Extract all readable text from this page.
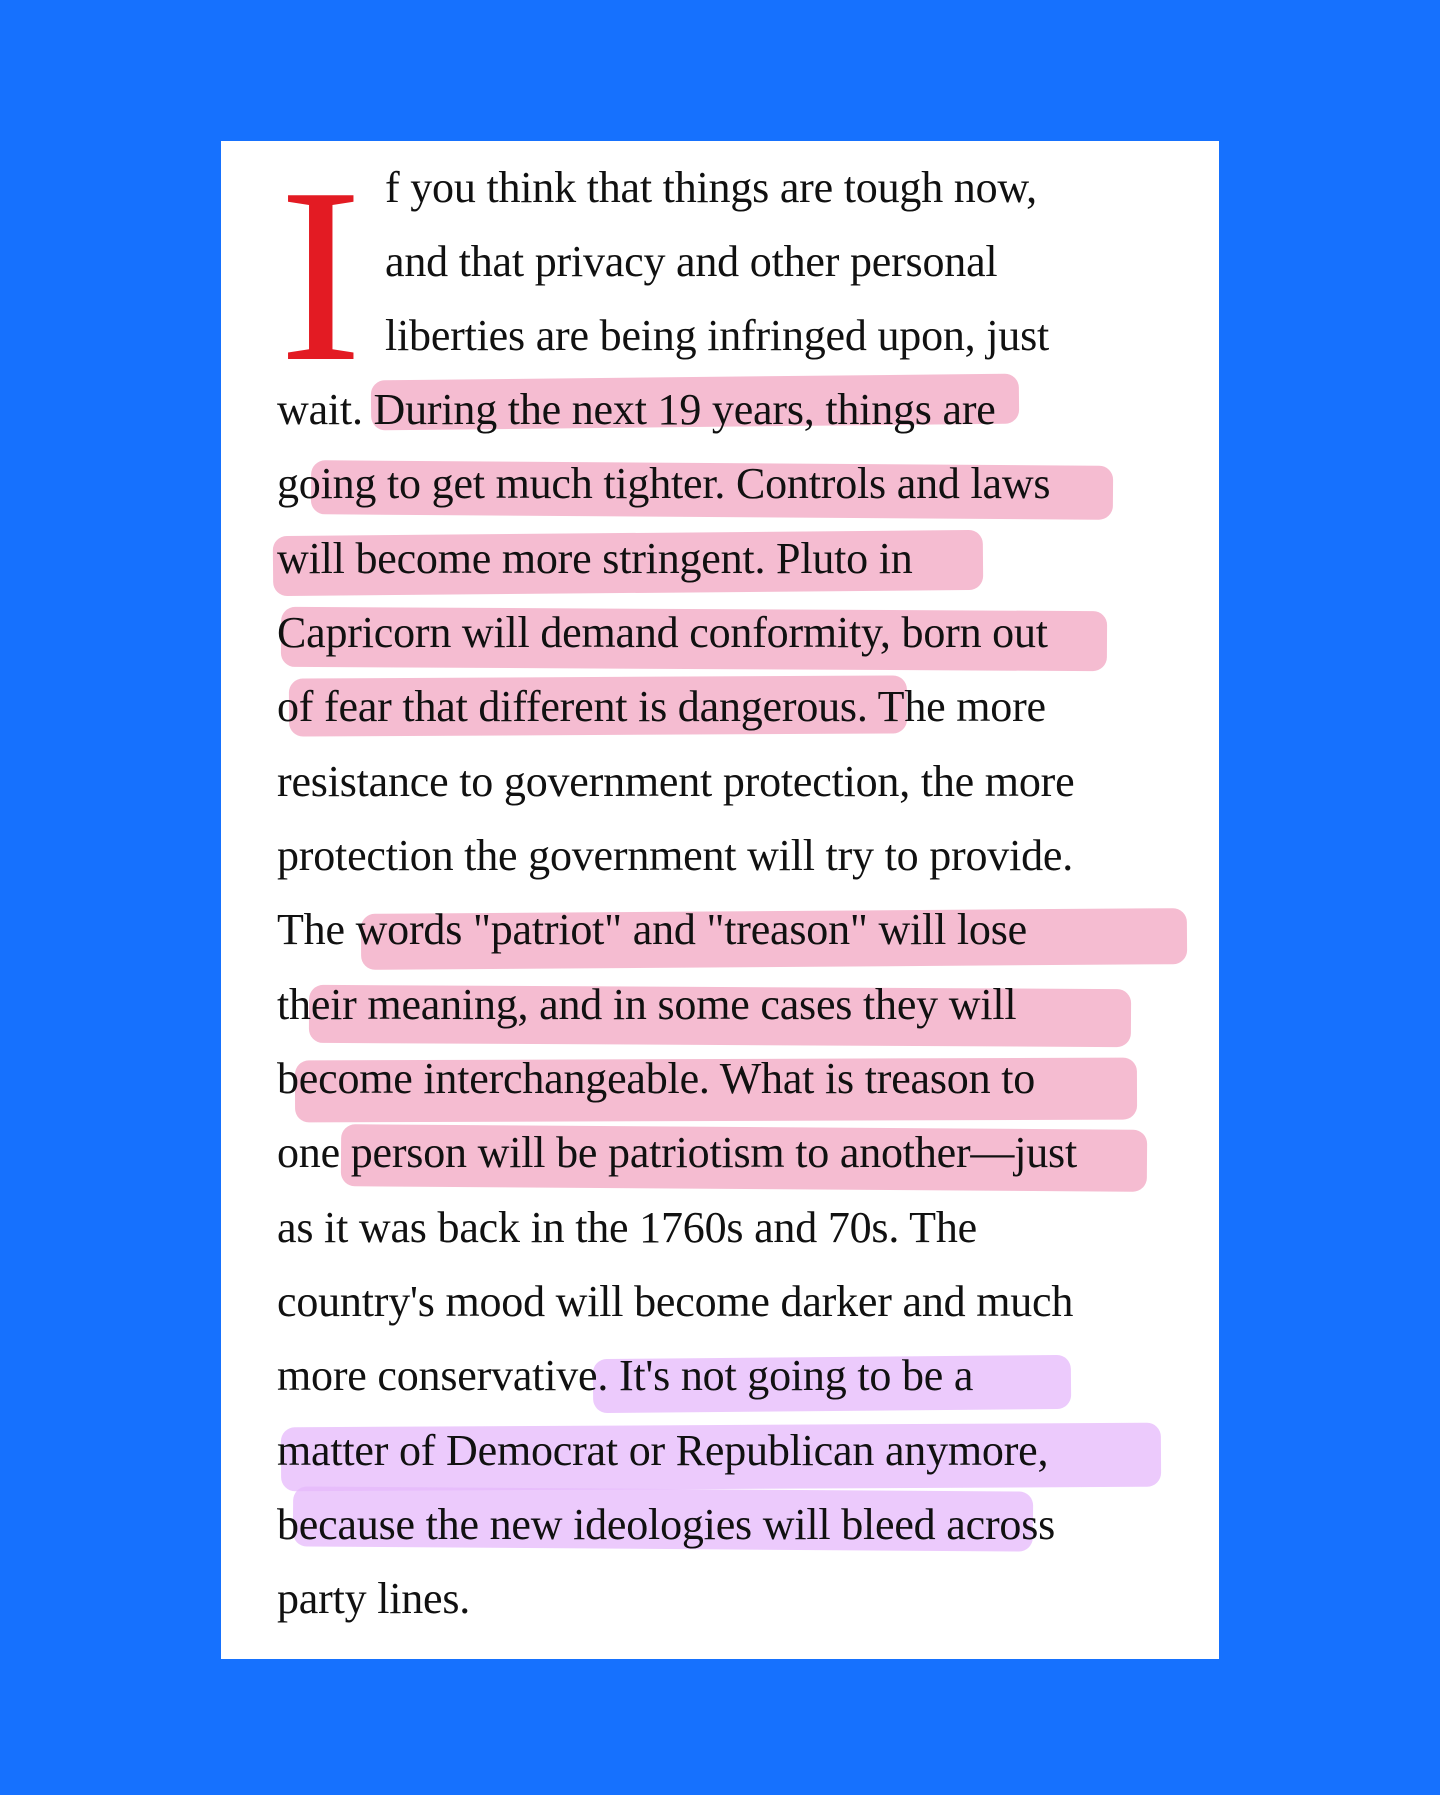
I f you think that things are tough now,
and that privacy and other personal
liberties are being infringed upon, just
wait. During the next 19 years, things are
going to get much tighter. Controls and laws
will become more stringent. Pluto in
Capricorn will demand conformity, born out
of fear that different is dangerous. The more
resistance to government protection, the more
protection the government will try to provide.
The words "patriot" and "treason" will lose
their meaning, and in some cases they will
become interchangeable. What is treason to
one person will be patriotism to another—just
as it was back in the 1760s and 70s. The
country's mood will become darker and much
more conservative. It's not going to be a
matter of Democrat or Republican anymore,
because the new ideologies will bleed across
party lines.
